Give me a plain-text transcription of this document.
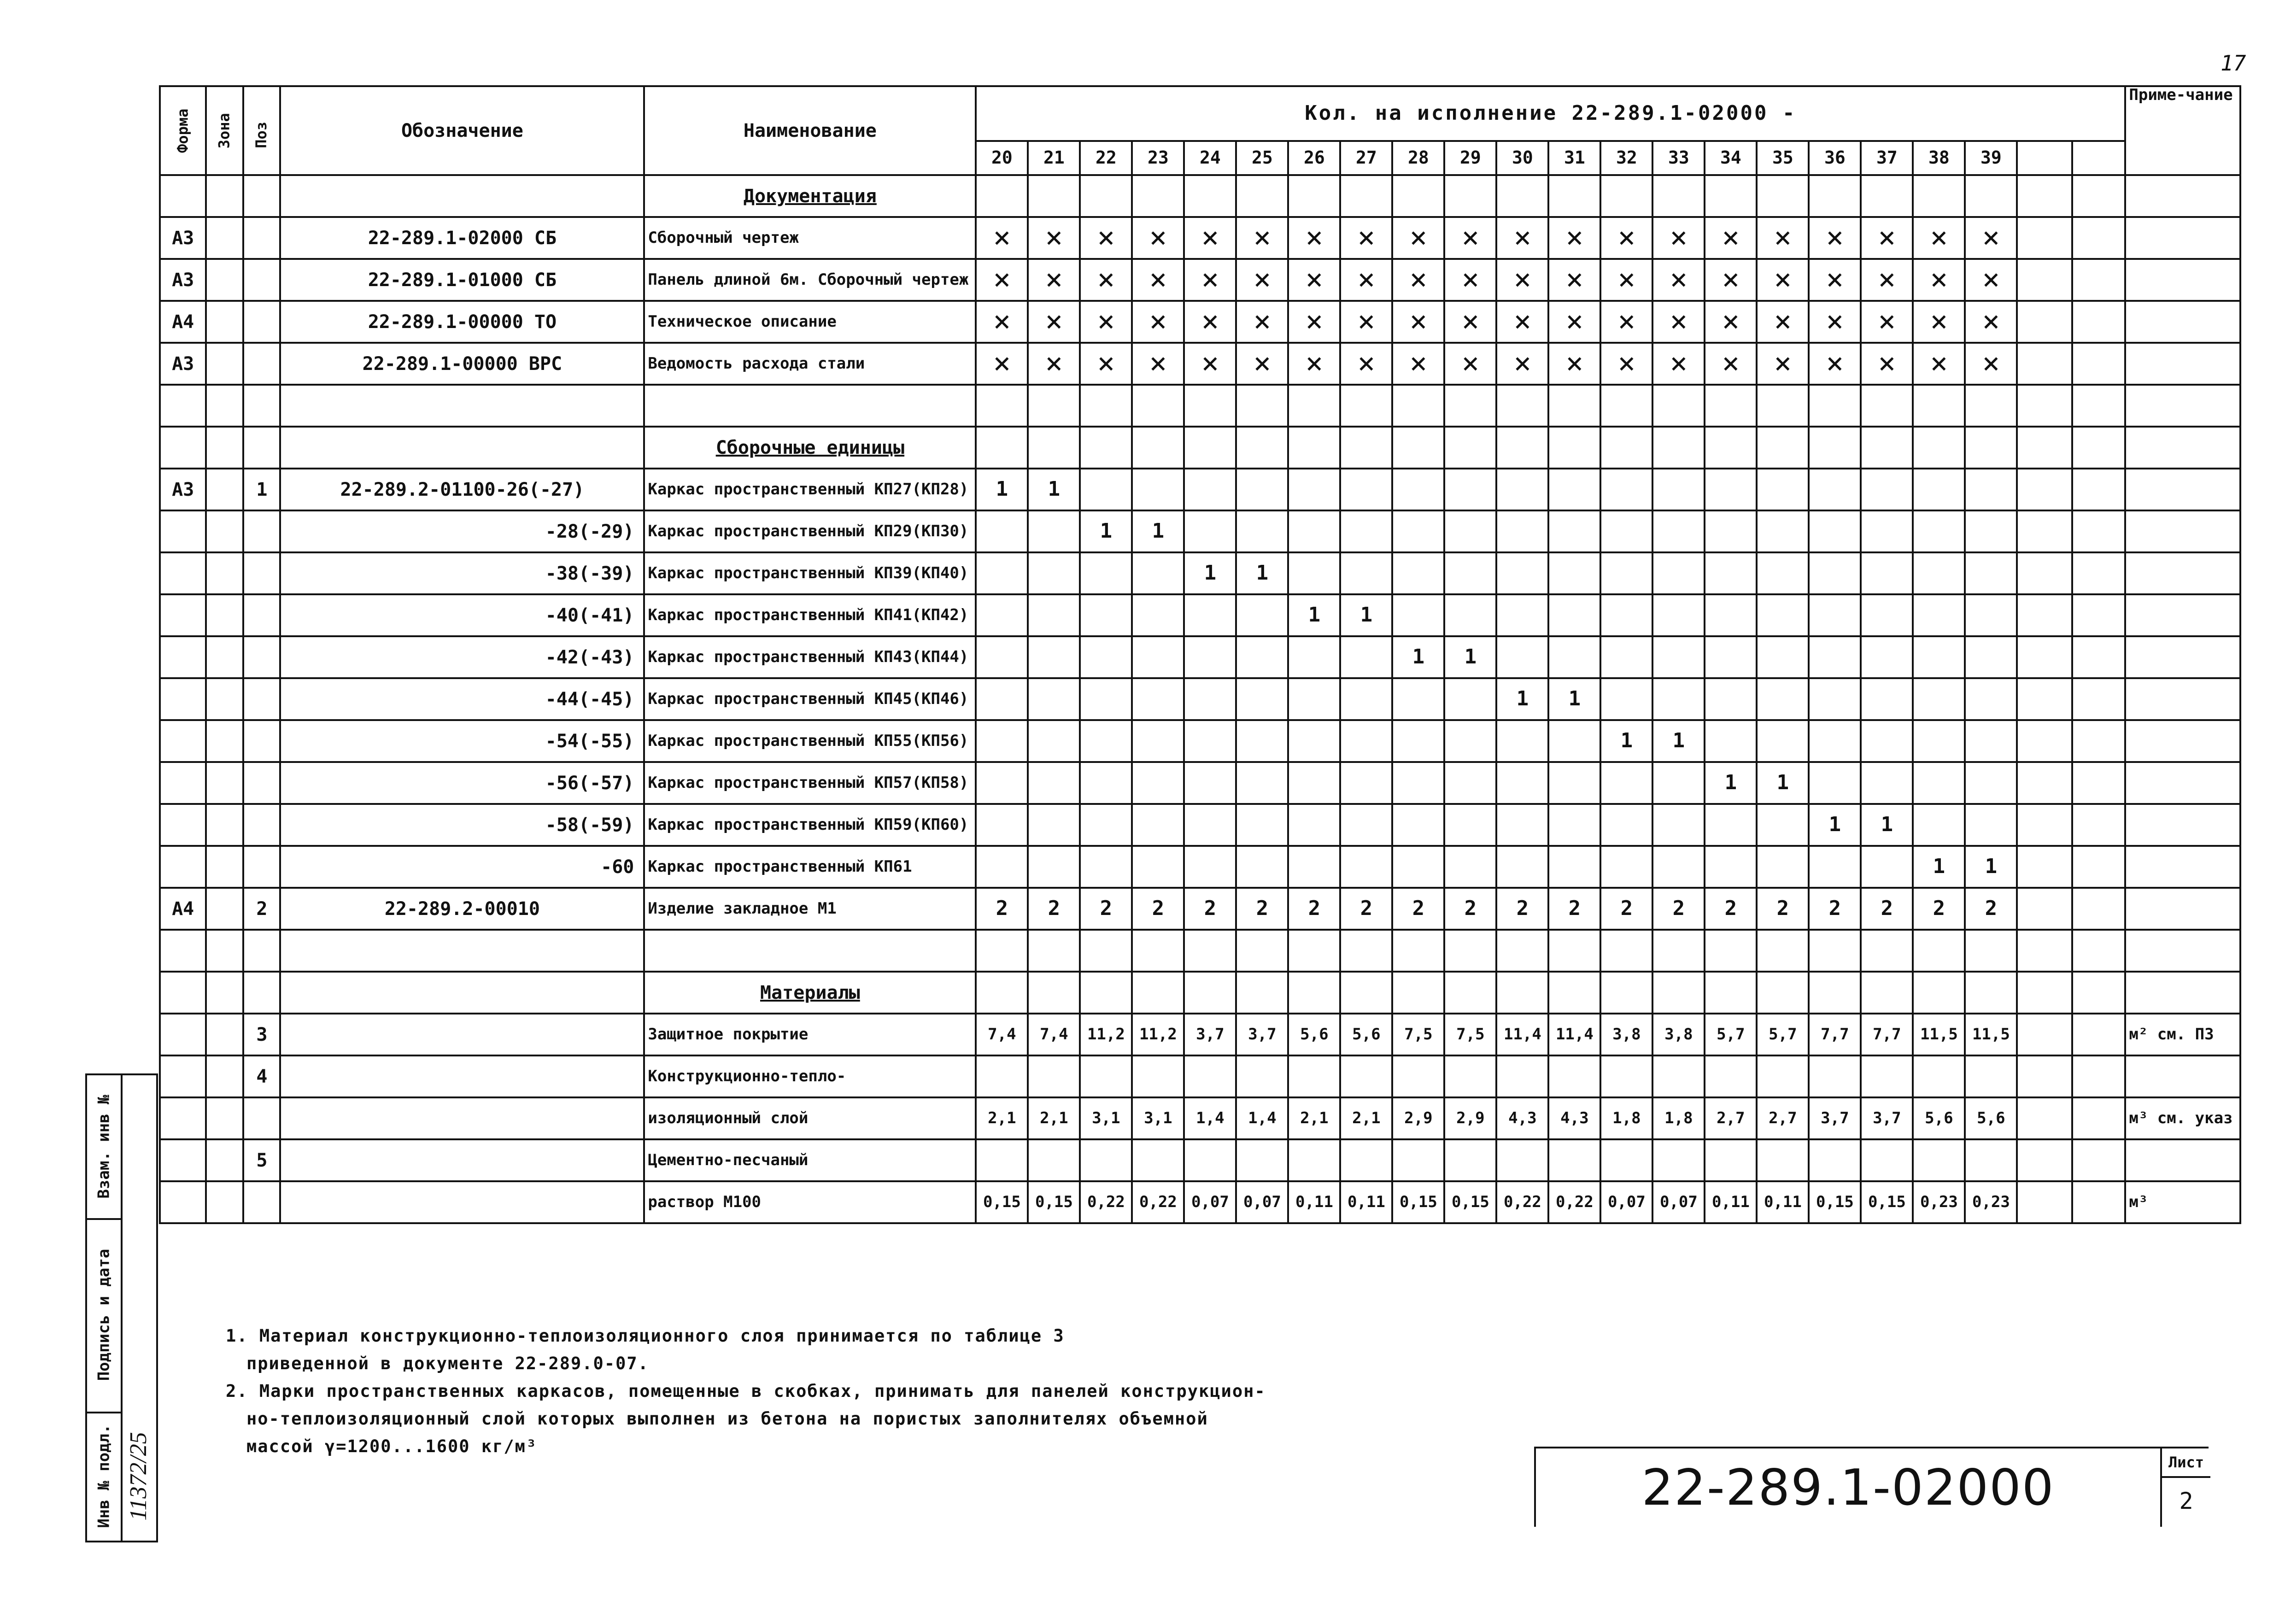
17
Форма	Зона	Поз	Обозначение	Наименование	Кол. на исполнение 22-289.1-02000 -																						Приме-чание
					20	21	22	23	24	25	26	27	28	29	30	31	32	33	34	35	36	37	38	39			
				Документация																							
А3			22-289.1-02000 СБ	Сборочный чертеж	×	×	×	×	×	×	×	×	×	×	×	×	×	×	×	×	×	×	×	×			
А3			22-289.1-01000 СБ	Панель длиной 6м. Сборочный чертеж	×	×	×	×	×	×	×	×	×	×	×	×	×	×	×	×	×	×	×	×			
А4			22-289.1-00000 ТО	Техническое описание	×	×	×	×	×	×	×	×	×	×	×	×	×	×	×	×	×	×	×	×			
А3			22-289.1-00000 ВРС	Ведомость расхода стали	×	×	×	×	×	×	×	×	×	×	×	×	×	×	×	×	×	×	×	×			

				Сборочные единицы																							
А3		1	22-289.2-01100-26(-27)	Каркас пространственный КП27(КП28)	1	1																					
			-28(-29)	Каркас пространственный КП29(КП30)			1	1																			
			-38(-39)	Каркас пространственный КП39(КП40)					1	1																	
			-40(-41)	Каркас пространственный КП41(КП42)							1	1															
			-42(-43)	Каркас пространственный КП43(КП44)									1	1													
			-44(-45)	Каркас пространственный КП45(КП46)											1	1											
			-54(-55)	Каркас пространственный КП55(КП56)													1	1									
			-56(-57)	Каркас пространственный КП57(КП58)															1	1							
			-58(-59)	Каркас пространственный КП59(КП60)																	1	1					
			-60	Каркас пространственный КП61																			1	1			
А4		2	22-289.2-00010	Изделие закладное М1	2	2	2	2	2	2	2	2	2	2	2	2	2	2	2	2	2	2	2	2			

				Материалы																							
		3		Защитное покрытие	7,4	7,4	11,2	11,2	3,7	3,7	5,6	5,6	7,5	7,5	11,4	11,4	3,8	3,8	5,7	5,7	7,7	7,7	11,5	11,5			м² см. ПЗ
		4		Конструкционно-тепло-																							
				изоляционный слой	2,1	2,1	3,1	3,1	1,4	1,4	2,1	2,1	2,9	2,9	4,3	4,3	1,8	1,8	2,7	2,7	3,7	3,7	5,6	5,6			м³ см. указ
		5		Цементно-песчаный																							
				раствор М100	0,15	0,15	0,22	0,22	0,07	0,07	0,11	0,11	0,15	0,15	0,22	0,22	0,07	0,07	0,11	0,11	0,15	0,15	0,23	0,23			м³
Взам. инв №
Подпись и дата
Инв № подл. 11372/25

1. Материал конструкционно-теплоизоляционного слоя принимается по таблице 3

приведенной в документе 22-289.0-07.

2. Марки пространственных каркасов, помещенные в скобках, принимать для панелей конструкцион-

но-теплоизоляционный слой которых выполнен из бетона на пористых заполнителях объемной

массой γ=1200...1600 кг/м³

22-289.1-02000	Лист
2
